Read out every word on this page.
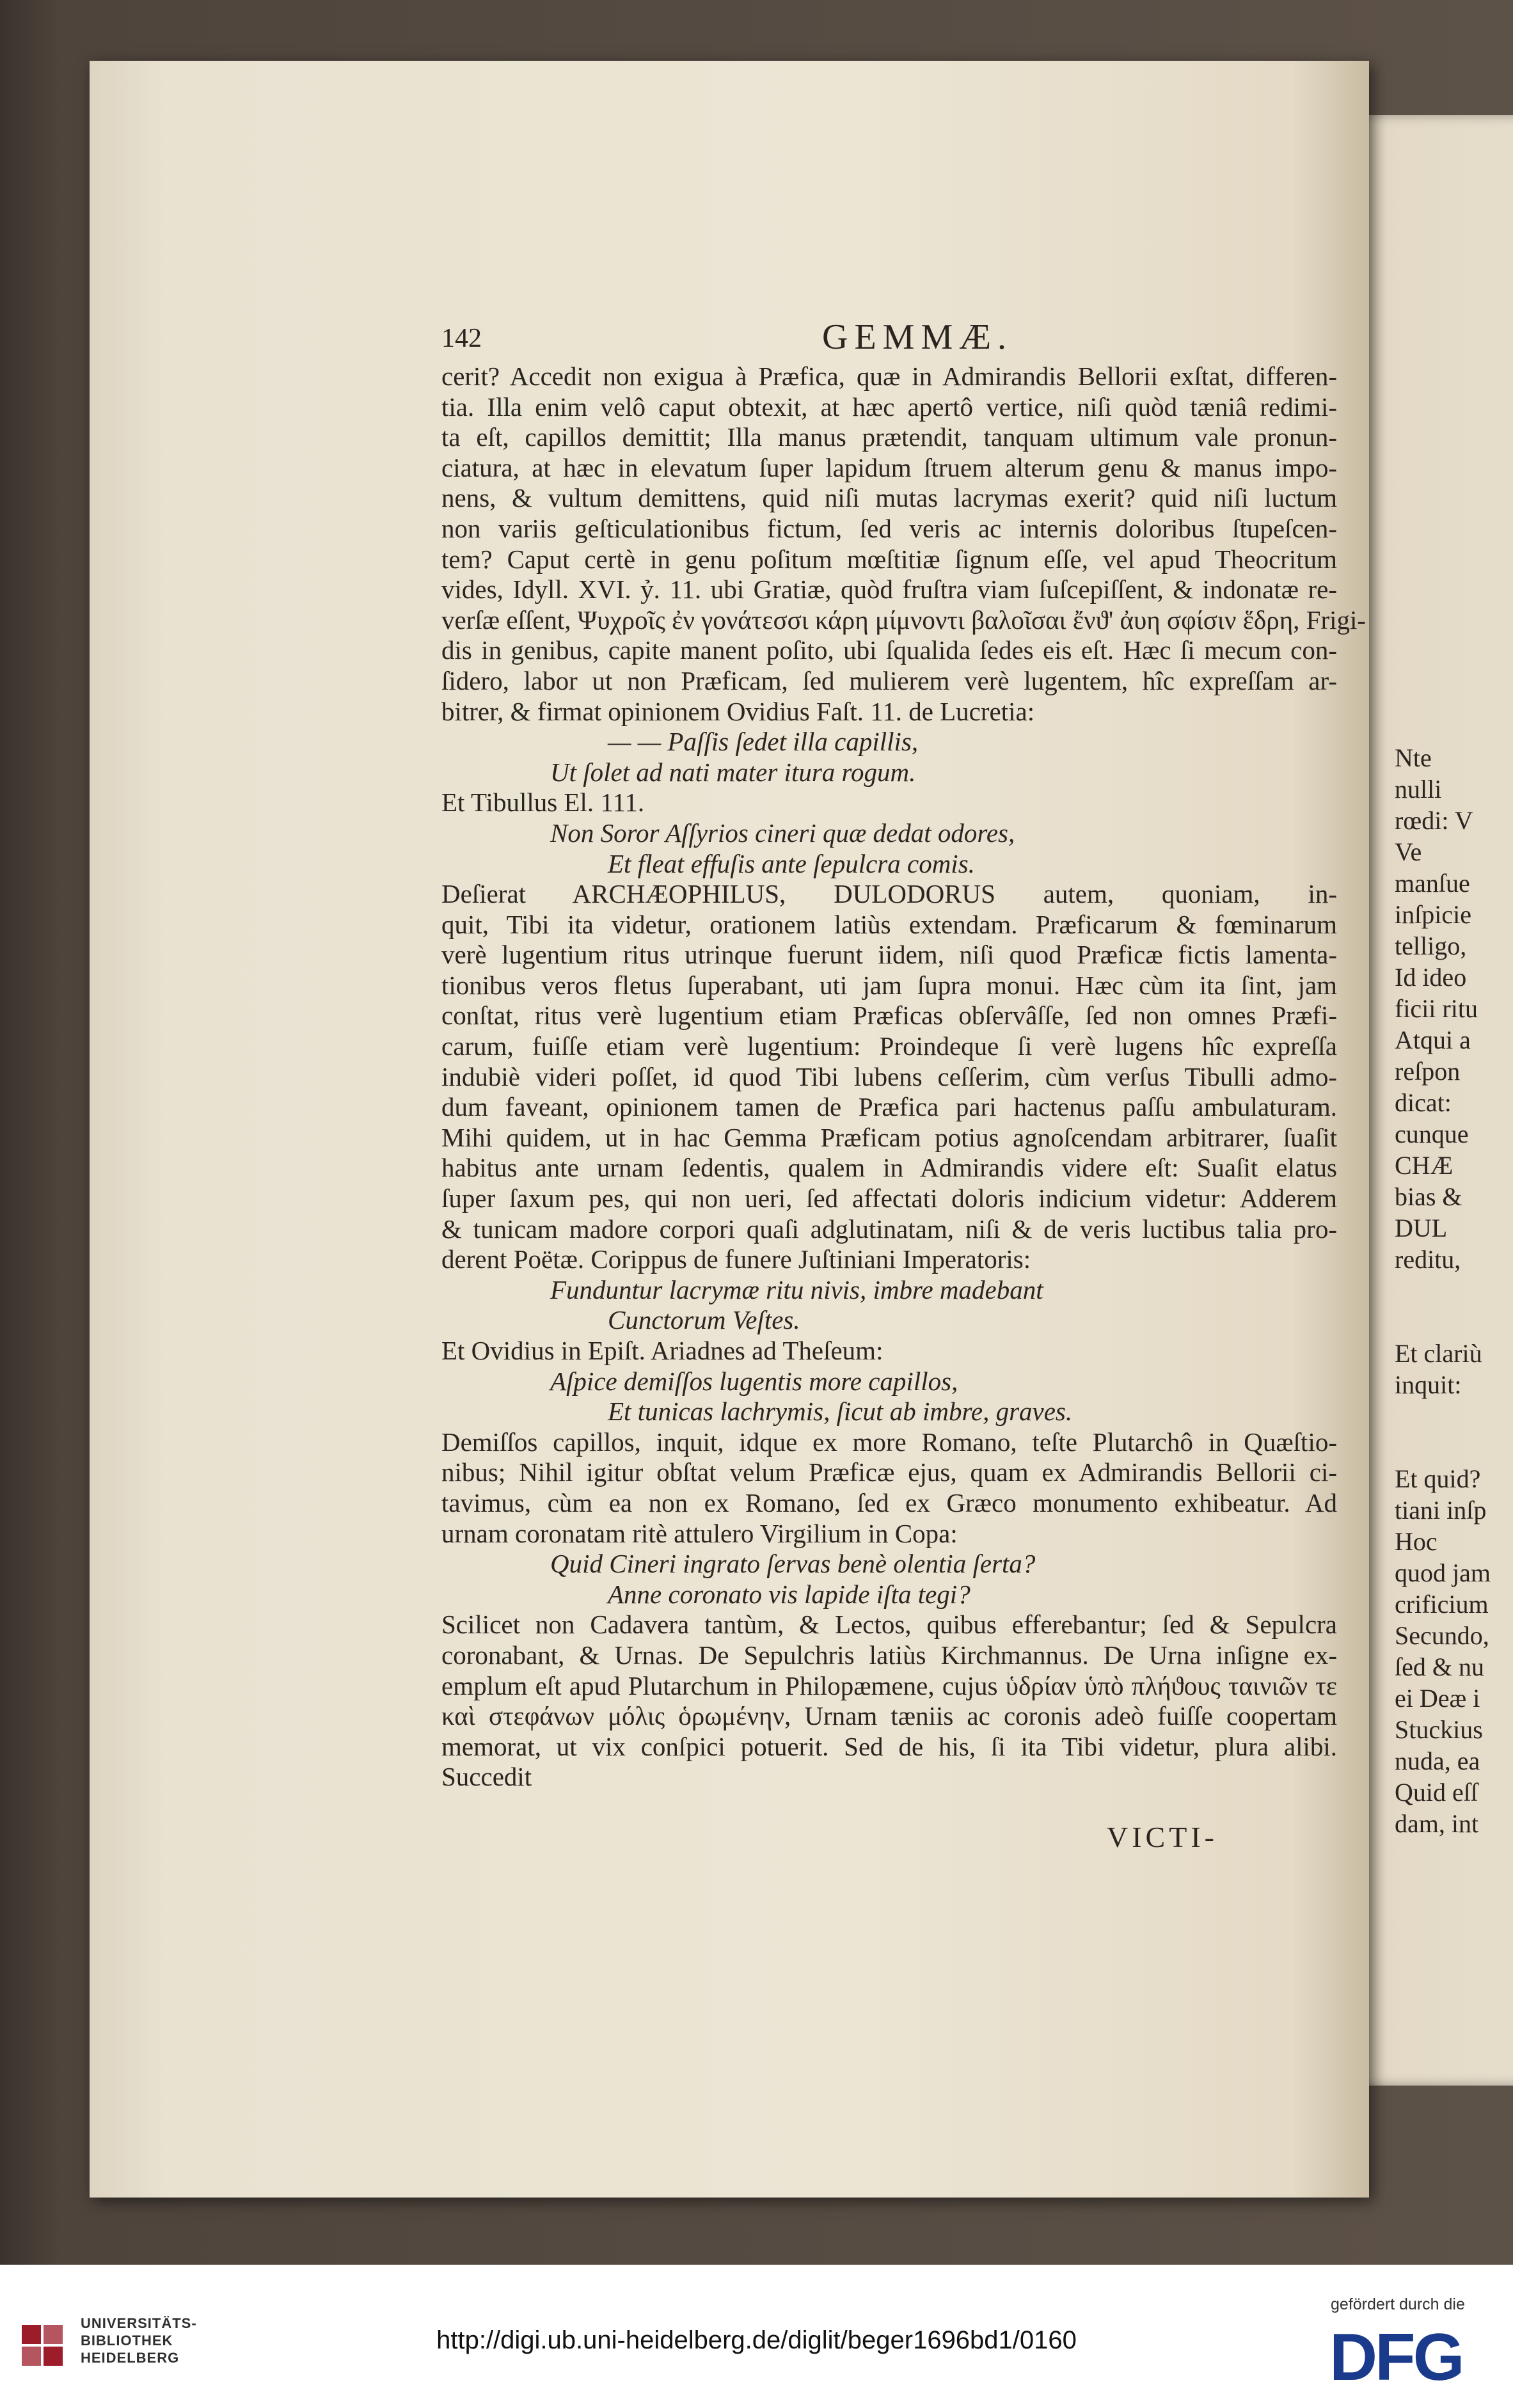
Nte
nulli
rœdi: V
Ve
manſue
inſpicie
telligo,
Id ideo
ficii ritu
Atqui a
reſpon
dicat:
cunque
CHÆ
bias &
DUL
reditu,
Et clariù
inquit:
Et quid?
tiani inſp
Hoc
quod jam
crificium
Secundo,
ſed & nu
ei Deæ i
Stuckius
nuda, ea
Quid eſſ
dam, int
142	GEMMÆ.
cerit? Accedit non exigua à Præfica, quæ in Admirandis Bellorii exſtat, differen-
tia. Illa enim velô caput obtexit, at hæc apertô vertice, niſi quòd tæniâ redimi-
ta eſt, capillos demittit; Illa manus prætendit, tanquam ultimum vale pronun-
ciatura, at hæc in elevatum ſuper lapidum ſtruem alterum genu & manus impo-
nens, & vultum demittens, quid niſi mutas lacrymas exerit? quid niſi luctum
non variis geſticulationibus fictum, ſed veris ac internis doloribus ſtupeſcen-
tem? Caput certè in genu poſitum mœſtitiæ ſignum eſſe, vel apud Theocritum
vides, Idyll. XVI. ỷ. 11. ubi Gratiæ, quòd fruſtra viam ſuſcepiſſent, & indonatæ re-
verſæ eſſent, Ψυχροῖς ἐν γονάτεσσι κάρη μίμνοντι βαλοῖσαι ἔνϑ' ἀυη σφίσιν ἕδρη, Frigi-
dis in genibus, capite manent poſito, ubi ſqualida ſedes eis eſt. Hæc ſi mecum con-
ſidero, labor ut non Præficam, ſed mulierem verè lugentem, hîc expreſſam ar-
bitrer, & firmat opinionem Ovidius Faſt. 11. de Lucretia:
— — Paſſis ſedet illa capillis,
Ut ſolet ad nati mater itura rogum.
Et Tibullus El. 111.
Non Soror Aſſyrios cineri quæ dedat odores,
Et fleat effuſis ante ſepulcra comis.
Deſierat ARCHÆOPHILUS, DULODORUS autem, quoniam, in-
quit, Tibi ita videtur, orationem latiùs extendam. Præficarum & fœminarum
verè lugentium ritus utrinque fuerunt iidem, niſi quod Præficæ fictis lamenta-
tionibus veros fletus ſuperabant, uti jam ſupra monui. Hæc cùm ita ſint, jam
conſtat, ritus verè lugentium etiam Præficas obſervâſſe, ſed non omnes Præfi-
carum, fuiſſe etiam verè lugentium: Proindeque ſi verè lugens hîc expreſſa
indubiè videri poſſet, id quod Tibi lubens ceſſerim, cùm verſus Tibulli admo-
dum faveant, opinionem tamen de Præfica pari hactenus paſſu ambulaturam.
Mihi quidem, ut in hac Gemma Præficam potius agnoſcendam arbitrarer, ſuaſit
habitus ante urnam ſedentis, qualem in Admirandis videre eſt: Suaſit elatus
ſuper ſaxum pes, qui non ueri, ſed affectati doloris indicium videtur: Adderem
& tunicam madore corpori quaſi adglutinatam, niſi & de veris luctibus talia pro-
derent Poëtæ. Corippus de funere Juſtiniani Imperatoris:
Funduntur lacrymæ ritu nivis, imbre madebant
Cunctorum Veſtes.
Et Ovidius in Epiſt. Ariadnes ad Theſeum:
Aſpice demiſſos lugentis more capillos,
Et tunicas lachrymis, ſicut ab imbre, graves.
Demiſſos capillos, inquit, idque ex more Romano, teſte Plutarchô in Quæſtio-
nibus; Nihil igitur obſtat velum Præficæ ejus, quam ex Admirandis Bellorii ci-
tavimus, cùm ea non ex Romano, ſed ex Græco monumento exhibeatur. Ad
urnam coronatam ritè attulero Virgilium in Copa:
Quid Cineri ingrato ſervas benè olentia ſerta?
Anne coronato vis lapide iſta tegi?
Scilicet non Cadavera tantùm, & Lectos, quibus efferebantur; ſed & Sepulcra
coronabant, & Urnas. De Sepulchris latiùs Kirchmannus. De Urna inſigne ex-
emplum eſt apud Plutarchum in Philopæmene, cujus ὑδρίαν ὑπὸ πλήϑους ταινιῶν τε
καὶ στεφάνων μόλις ὁρωμένην, Urnam tæniis ac coronis adeò fuiſſe coopertam
memorat, ut vix conſpici potuerit. Sed de his, ſi ita Tibi videtur, plura alibi.
Succedit
VICTI-
UNIVERSITÄTS-
BIBLIOTHEK
HEIDELBERG
http://digi.ub.uni-heidelberg.de/diglit/beger1696bd1/0160
gefördert durch die
DFG
